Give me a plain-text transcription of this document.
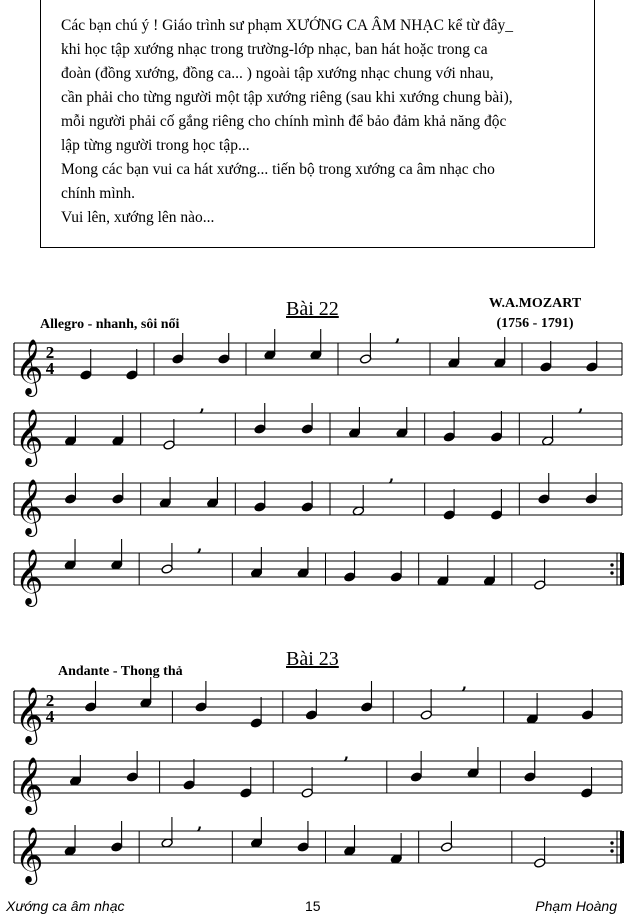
Các bạn chú ý ! Giáo trình sư phạm XƯỚNG CA ÂM NHẠC kể từ đây_

khi học tập xướng nhạc trong trường-lớp nhạc, ban hát hoặc trong ca

đoàn (đồng xướng, đồng ca... ) ngoài tập xướng nhạc chung với nhau,

cần phải cho từng người một tập xướng riêng (sau khi xướng chung bài),

mỗi người phải cố gắng riêng cho chính mình để bảo đảm khả năng độc

lập từng người trong học tập...

Mong các bạn vui ca hát xướng... tiến bộ trong xướng ca âm nhạc cho

chính mình.

Vui lên, xướng lên nào...

Bài 22
Allegro - nhanh, sôi nổi
W.A.MOZART
(1756 - 1791)
Bài 23
Andante - Thong thả
𝄞 2
4
,
𝄞
,	,
𝄞
,
𝄞
,
𝄞 2
4
,
𝄞
,
𝄞
,
Xướng ca âm nhạc	15	Phạm Hoàng
